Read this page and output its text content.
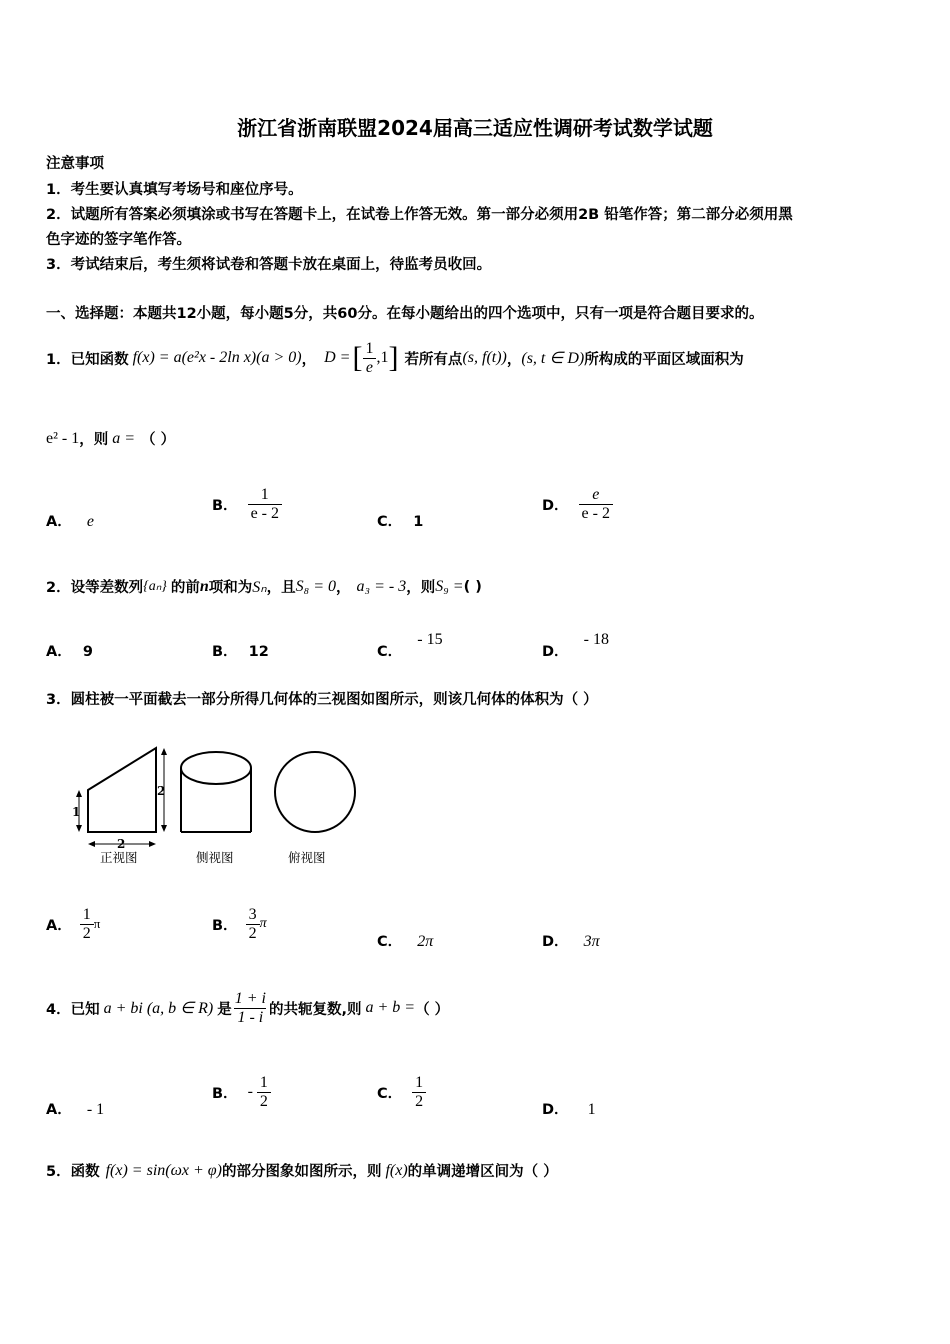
浙江省浙南联盟2024届高三适应性调研考试数学试题
注意事项
1．考生要认真填写考场号和座位序号。
2．试题所有答案必须填涂或书写在答题卡上，在试卷上作答无效。第一部分必须用2B 铅笔作答；第二部分必须用黑
色字迹的签字笔作答。
3．考试结束后，考生须将试卷和答题卡放在桌面上，待监考员收回。
一、选择题：本题共12小题，每小题5分，共60分。在每小题给出的四个选项中，只有一项是符合题目要求的。
1．已知函数 f(x) = a(e²x - 2ln x)(a > 0) ， D = [ $\frac{1}{e} ,1$ ] 若所有点 (s, f(t)) ， (s, t ∈ D) 所构成的平面区域面积为
e² - 1 ，则 a = （ ）
A． e
B． $\frac{1}{e - 2}$	C． 1
D． $\frac{e}{e - 2}$
2．设等差数列 {aₙ} 的前 n 项和为 Sₙ ，且 S₈ = 0 ， a₃ = - 3 ，则 S₉ = ( )
A． 9	B． 12	C． - 15
D． - 18
3．圆柱被一平面截去一部分所得几何体的三视图如图所示，则该几何体的体积为（ ）
1
2
2
正视图	侧视图	俯视图
A． $\frac{1}{2}$ π	B． $\frac{3}{2}$ π
C． 2π	D． 3π
4．已知 a + bi (a, b ∈ R) 是 $\frac{1 + i}{1 - i}$ 的共轭复数,则 a + b = （ ）
A． - 1
B． - $\frac{1}{2}$	C． $\frac{1}{2}$	D． 1
5．函数 f(x) = sin(ωx + φ) 的部分图象如图所示，则 f(x) 的单调递增区间为（ ）
